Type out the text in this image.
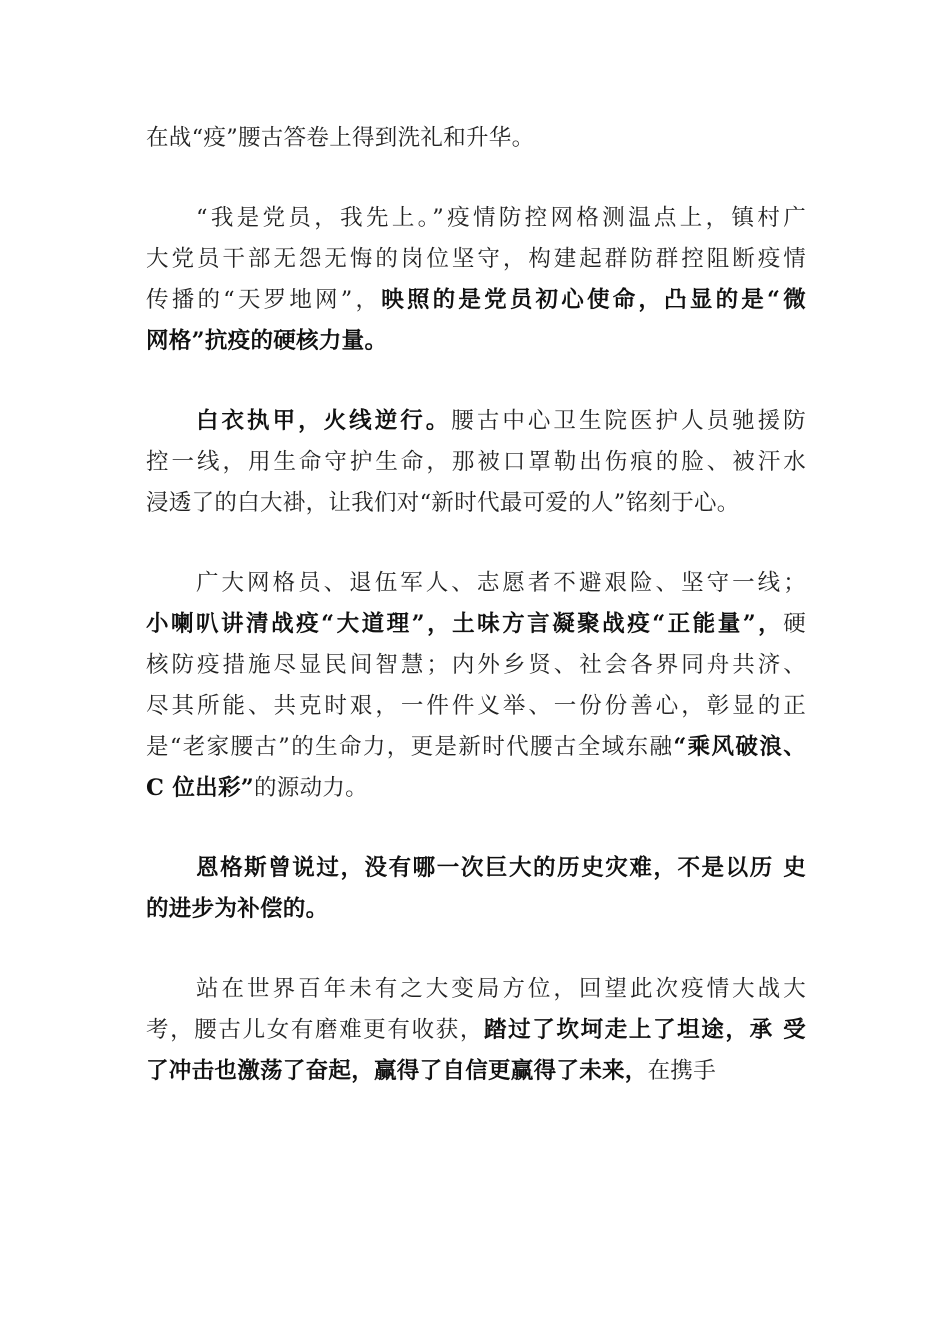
在战“疫”腰古答卷上得到洗礼和升华。
“我是党员，我先上。”疫情防控网格测温点上，镇村广
大党员干部无怨无悔的岗位坚守，构建起群防群控阻断疫情
传播的“天罗地网”，映照的是党员初心使命，凸显的是“微
网格”抗疫的硬核力量。
白衣执甲，火线逆行。腰古中心卫生院医护人员驰援防
控一线，用生命守护生命，那被口罩勒出伤痕的脸、被汗水
浸透了的白大褂，让我们对“新时代最可爱的人”铭刻于心。
广大网格员、退伍军人、志愿者不避艰险、坚守一线；
小喇叭讲清战疫“大道理”，土味方言凝聚战疫“正能量”，硬
核防疫措施尽显民间智慧；内外乡贤、社会各界同舟共济、
尽其所能、共克时艰，一件件义举、一份份善心，彰显的正
是“老家腰古”的生命力，更是新时代腰古全域东融“乘风破浪、
C 位出彩”的源动力。
恩格斯曾说过，没有哪一次巨大的历史灾难，不是以历 史
的进步为补偿的。
站在世界百年未有之大变局方位，回望此次疫情大战大
考，腰古儿女有磨难更有收获，踏过了坎坷走上了坦途，承 受
了冲击也激荡了奋起，赢得了自信更赢得了未来，在携手
